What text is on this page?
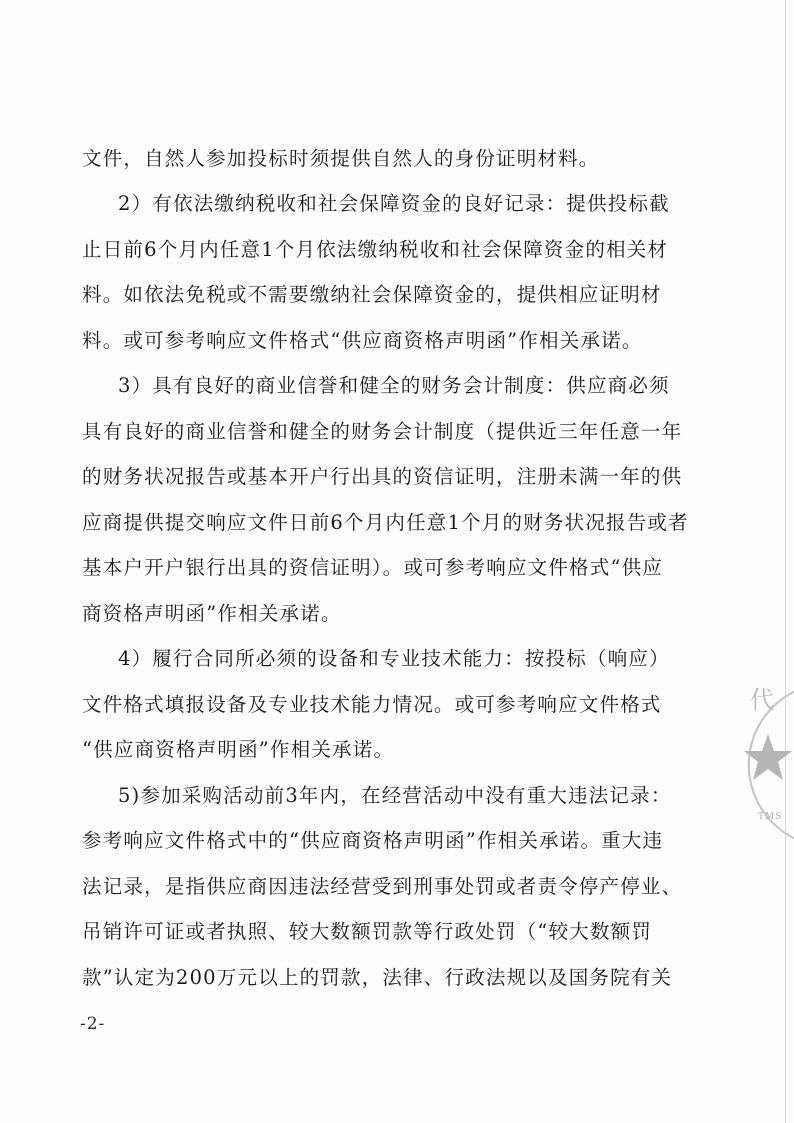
文件，自然人参加投标时须提供自然人的身份证明材料。
2）有依法缴纳税收和社会保障资金的良好记录：提供投标截
止日前6个月内任意1个月依法缴纳税收和社会保障资金的相关材
料。如依法免税或不需要缴纳社会保障资金的，提供相应证明材
料。或可参考响应文件格式“供应商资格声明函”作相关承诺。
3）具有良好的商业信誉和健全的财务会计制度：供应商必须
具有良好的商业信誉和健全的财务会计制度（提供近三年任意一年
的财务状况报告或基本开户行出具的资信证明，注册未满一年的供
应商提供提交响应文件日前6个月内任意1个月的财务状况报告或者
基本户开户银行出具的资信证明）。或可参考响应文件格式“供应
商资格声明函”作相关承诺。
4）履行合同所必须的设备和专业技术能力：按投标（响应）
文件格式填报设备及专业技术能力情况。或可参考响应文件格式
“供应商资格声明函”作相关承诺。
5)参加采购活动前3年内，在经营活动中没有重大违法记录：
参考响应文件格式中的“供应商资格声明函”作相关承诺。重大违
法记录，是指供应商因违法经营受到刑事处罚或者责令停产停业、
吊销许可证或者执照、较大数额罚款等行政处罚（“较大数额罚
款”认定为200万元以上的罚款，法律、行政法规以及国务院有关
-2-
代
TMS
